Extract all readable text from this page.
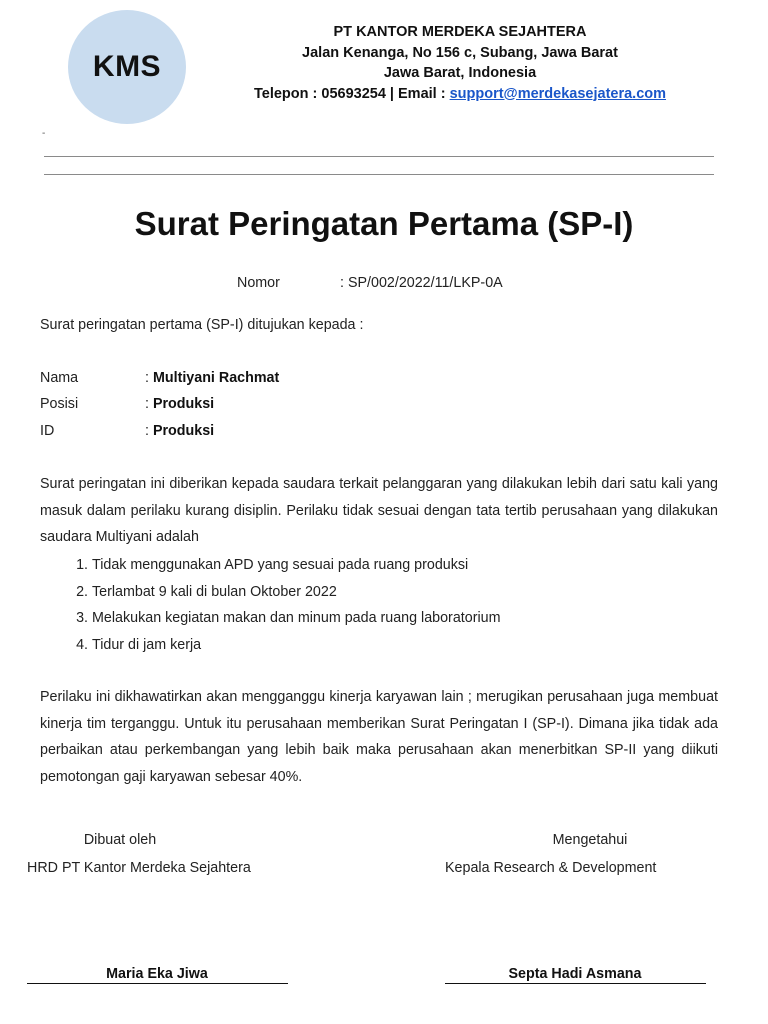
KMS
PT KANTOR MERDEKA SEJAHTERA
Jalan Kenanga, No 156 c, Subang, Jawa Barat
Jawa Barat, Indonesia
Telepon : 05693254 | Email : support@merdekasejatera.com
-
Surat Peringatan Pertama (SP-I)
Nomor	: SP/002/2022/11/LKP-0A
Surat peringatan pertama (SP-I) ditujukan kepada :
Nama	: Multiyani Rachmat
Posisi	: Produksi
ID	: Produksi
Surat peringatan ini diberikan kepada saudara terkait pelanggaran yang dilakukan lebih dari satu kali yang masuk dalam perilaku kurang disiplin. Perilaku tidak sesuai dengan tata tertib perusahaan yang dilakukan saudara Multiyani adalah
1. Tidak menggunakan APD yang sesuai pada ruang produksi
2. Terlambat 9 kali di bulan Oktober 2022
3. Melakukan kegiatan makan dan minum pada ruang laboratorium
4. Tidur di jam kerja
Perilaku ini dikhawatirkan akan mengganggu kinerja karyawan lain ; merugikan perusahaan juga membuat kinerja tim terganggu. Untuk itu perusahaan memberikan Surat Peringatan I (SP-I). Dimana jika tidak ada perbaikan atau perkembangan yang lebih baik maka perusahaan akan menerbitkan SP-II yang diikuti pemotongan gaji karyawan sebesar 40%.
Dibuat oleh
HRD PT Kantor Merdeka Sejahtera
Mengetahui
Kepala Research & Development
Maria Eka Jiwa	Septa Hadi Asmana
